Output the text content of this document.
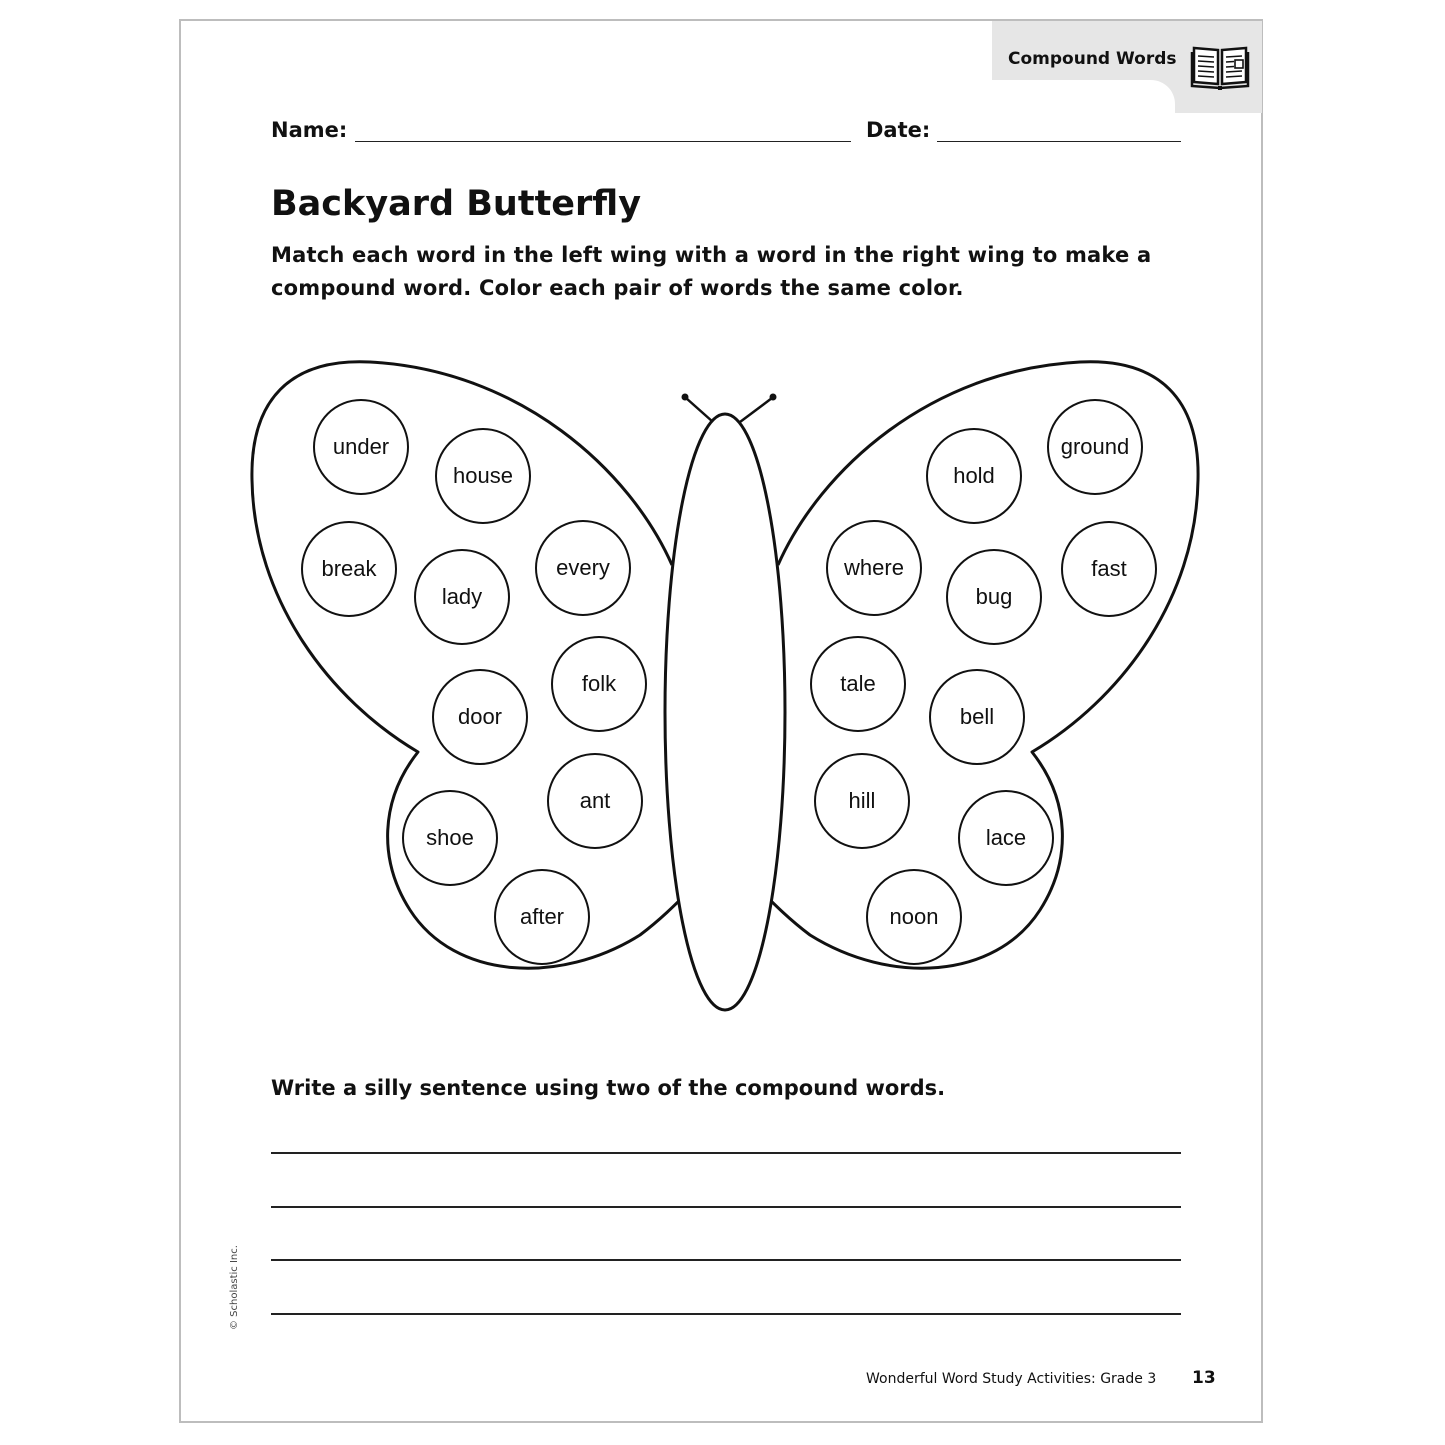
Compound Words
Name:	Date:
Backyard Butterfly
Match each word in the left wing with a word in the right wing to make a compound word. Color each pair of words the same color.
under
house
break
lady
every
folk
door
ant
shoe
after
hold
ground
where
bug
fast
tale
bell
hill
lace
noon
Write a silly sentence using two of the compound words.
© Scholastic Inc.
Wonderful Word Study Activities: Grade 3 13
